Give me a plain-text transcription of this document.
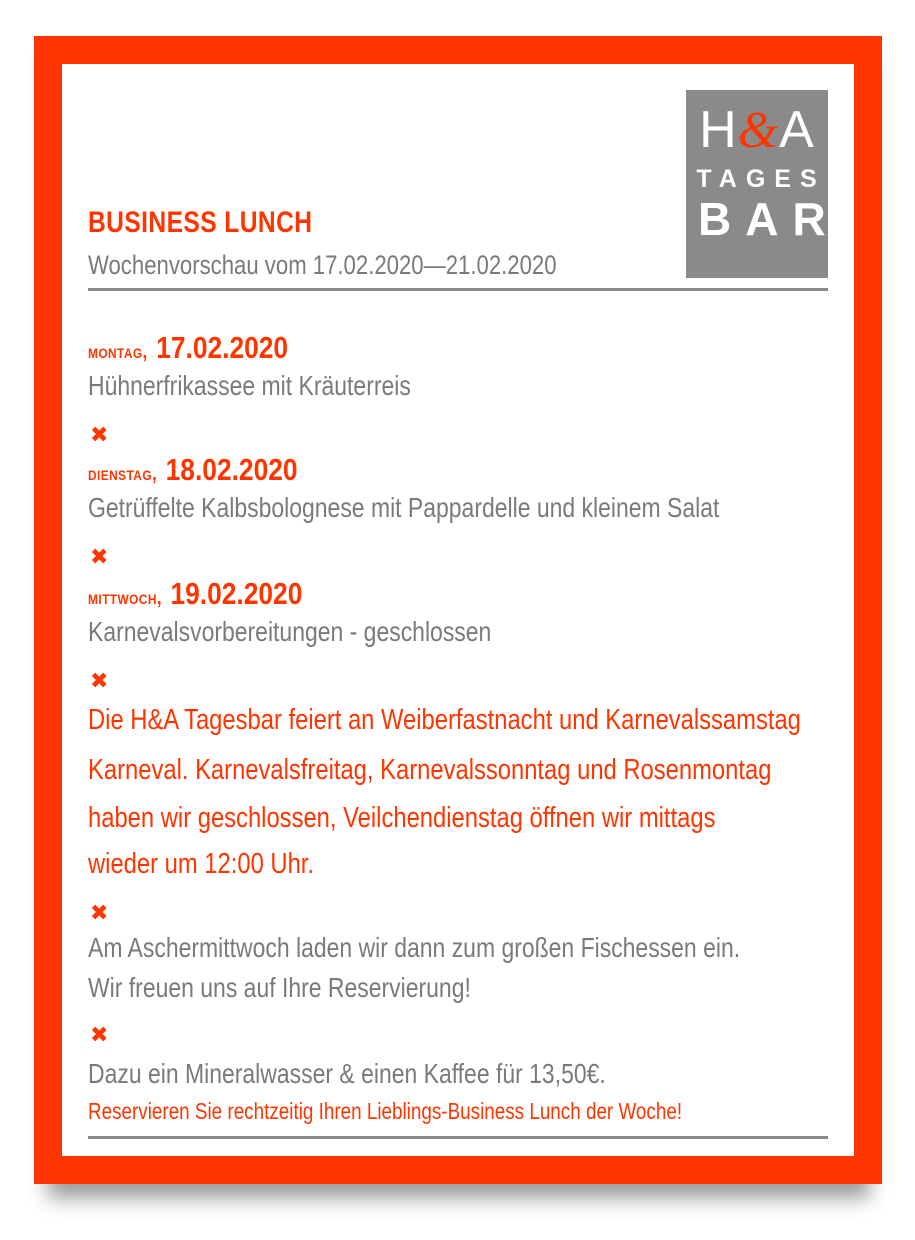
H&A
TAGES
BAR
BUSINESS LUNCH
Wochenvorschau vom 17.02.2020—21.02.2020
montag, 17.02.2020
Hühnerfrikassee mit Kräuterreis
✖
dienstag, 18.02.2020
Getrüffelte Kalbsbolognese mit Pappardelle und kleinem Salat
✖
mittwoch, 19.02.2020
Karnevalsvorbereitungen - geschlossen
✖
Die H&A Tagesbar feiert an Weiberfastnacht und Karnevalssamstag
Karneval. Karnevalsfreitag, Karnevalssonntag und Rosenmontag
haben wir geschlossen, Veilchendienstag öffnen wir mittags
wieder um 12:00 Uhr.
✖
Am Aschermittwoch laden wir dann zum großen Fischessen ein.
Wir freuen uns auf Ihre Reservierung!
✖
Dazu ein Mineralwasser & einen Kaffee für 13,50€.
Reservieren Sie rechtzeitig Ihren Lieblings-Business Lunch der Woche!
